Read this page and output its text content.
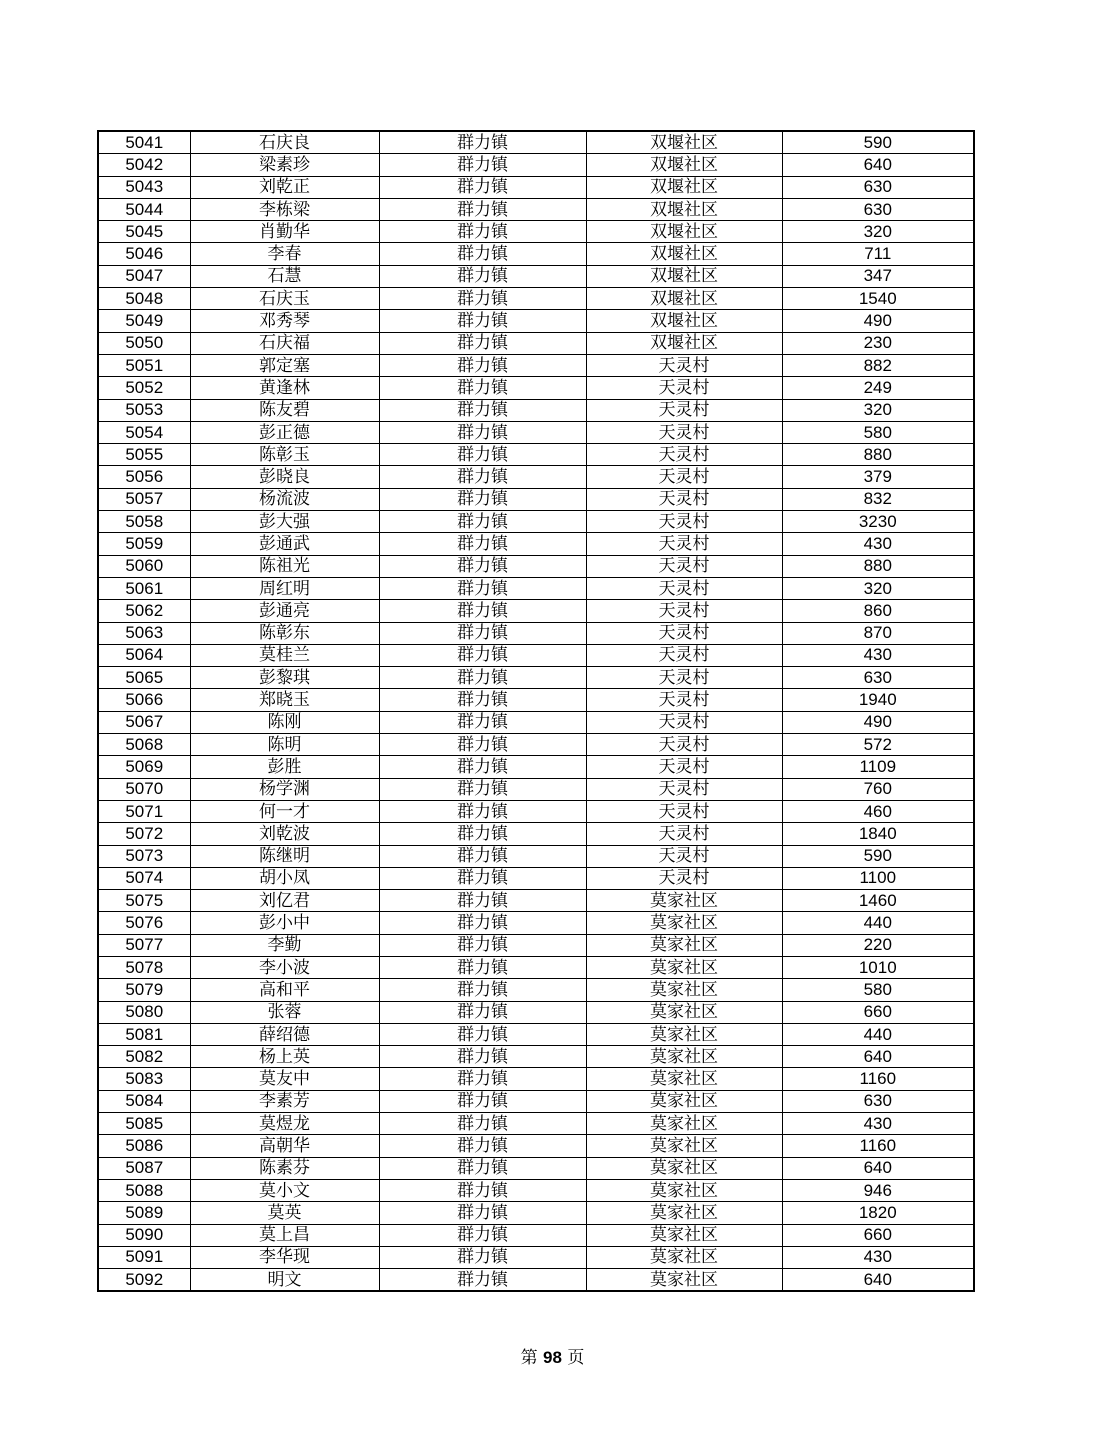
5041	石庆良	群力镇	双堰社区	590
5042	梁素珍	群力镇	双堰社区	640
5043	刘乾正	群力镇	双堰社区	630
5044	李栋梁	群力镇	双堰社区	630
5045	肖勤华	群力镇	双堰社区	320
5046	李春	群力镇	双堰社区	711
5047	石慧	群力镇	双堰社区	347
5048	石庆玉	群力镇	双堰社区	1540
5049	邓秀琴	群力镇	双堰社区	490
5050	石庆福	群力镇	双堰社区	230
5051	郭定塞	群力镇	天灵村	882
5052	黄逢林	群力镇	天灵村	249
5053	陈友碧	群力镇	天灵村	320
5054	彭正德	群力镇	天灵村	580
5055	陈彰玉	群力镇	天灵村	880
5056	彭晓良	群力镇	天灵村	379
5057	杨流波	群力镇	天灵村	832
5058	彭大强	群力镇	天灵村	3230
5059	彭通武	群力镇	天灵村	430
5060	陈祖光	群力镇	天灵村	880
5061	周红明	群力镇	天灵村	320
5062	彭通亮	群力镇	天灵村	860
5063	陈彰东	群力镇	天灵村	870
5064	莫桂兰	群力镇	天灵村	430
5065	彭黎琪	群力镇	天灵村	630
5066	郑晓玉	群力镇	天灵村	1940
5067	陈刚	群力镇	天灵村	490
5068	陈明	群力镇	天灵村	572
5069	彭胜	群力镇	天灵村	1109
5070	杨学渊	群力镇	天灵村	760
5071	何一才	群力镇	天灵村	460
5072	刘乾波	群力镇	天灵村	1840
5073	陈继明	群力镇	天灵村	590
5074	胡小凤	群力镇	天灵村	1100
5075	刘亿君	群力镇	莫家社区	1460
5076	彭小中	群力镇	莫家社区	440
5077	李勤	群力镇	莫家社区	220
5078	李小波	群力镇	莫家社区	1010
5079	高和平	群力镇	莫家社区	580
5080	张蓉	群力镇	莫家社区	660
5081	薛绍德	群力镇	莫家社区	440
5082	杨上英	群力镇	莫家社区	640
5083	莫友中	群力镇	莫家社区	1160
5084	李素芳	群力镇	莫家社区	630
5085	莫煜龙	群力镇	莫家社区	430
5086	高朝华	群力镇	莫家社区	1160
5087	陈素芬	群力镇	莫家社区	640
5088	莫小文	群力镇	莫家社区	946
5089	莫英	群力镇	莫家社区	1820
5090	莫上昌	群力镇	莫家社区	660
5091	李华现	群力镇	莫家社区	430
5092	明文	群力镇	莫家社区	640
第 98 页
